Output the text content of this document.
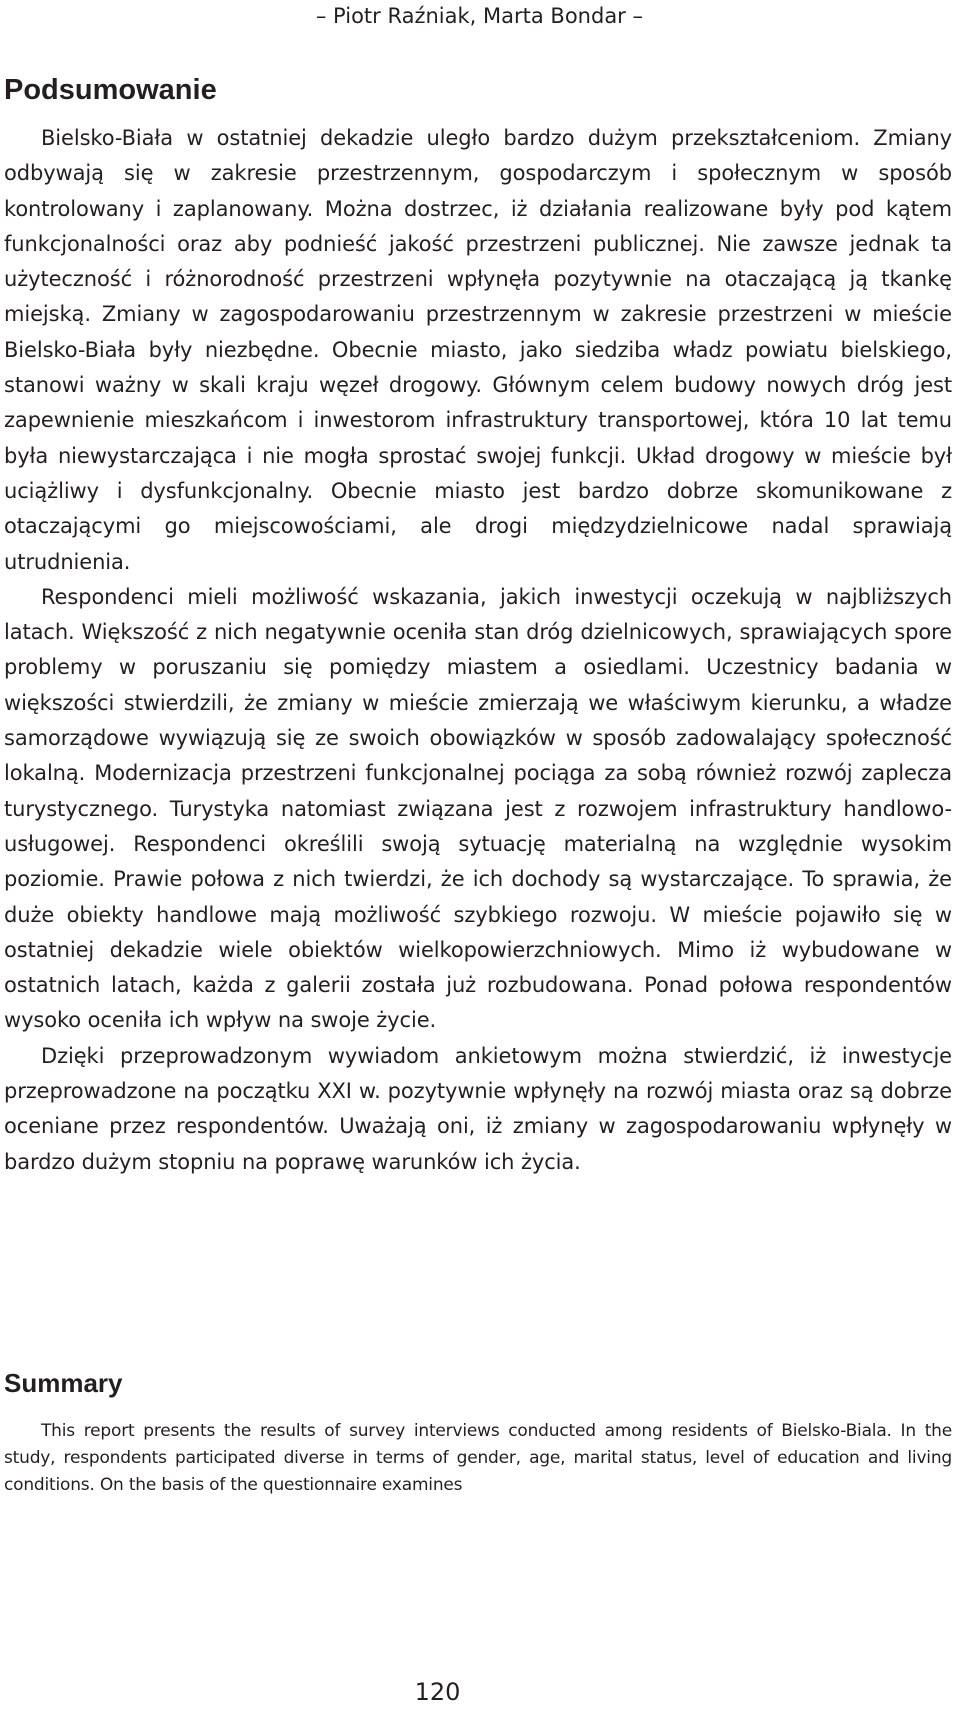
– Piotr Raźniak, Marta Bondar –
Podsumowanie

Bielsko-Biała w ostatniej dekadzie uległo bardzo dużym przekształceniom. Zmiany odbywają się w zakresie przestrzennym, gospodarczym i społecznym w sposób kontrolowany i zaplanowany. Można dostrzec, iż działania realizowane były pod kątem funkcjonalności oraz aby podnieść jakość przestrzeni publicznej. Nie zawsze jednak ta użyteczność i różnorodność przestrzeni wpłynęła pozytywnie na otaczającą ją tkankę miejską. Zmiany w zagospodarowaniu przestrzennym w zakresie przestrzeni w mieście Bielsko-Biała były niezbędne. Obecnie miasto, jako siedziba władz powiatu bielskiego, stanowi ważny w skali kraju węzeł drogowy. Głównym celem budowy nowych dróg jest zapewnienie mieszkańcom i inwestorom infrastruktury transportowej, która 10 lat temu była niewystarczająca i nie mogła sprostać swojej funkcji. Układ drogowy w mieście był uciążliwy i dysfunkcjonalny. Obecnie miasto jest bardzo dobrze skomunikowane z otaczającymi go miejscowościami, ale drogi międzydzielnicowe nadal sprawiają utrudnienia.

Respondenci mieli możliwość wskazania, jakich inwestycji oczekują w najbliższych latach. Większość z nich negatywnie oceniła stan dróg dzielnicowych, sprawiających spore problemy w poruszaniu się pomiędzy miastem a osiedlami. Uczestnicy badania w większości stwierdzili, że zmiany w mieście zmierzają we właściwym kierunku, a władze samorządowe wywiązują się ze swoich obowiązków w sposób zadowalający społeczność lokalną. Modernizacja przestrzeni funkcjonalnej pociąga za sobą również rozwój zaplecza turystycznego. Turystyka natomiast związana jest z rozwojem infrastruktury handlowo-usługowej. Respondenci określili swoją sytuację materialną na względnie wysokim poziomie. Prawie połowa z nich twierdzi, że ich dochody są wystarczające. To sprawia, że duże obiekty handlowe mają możliwość szybkiego rozwoju. W mieście pojawiło się w ostatniej dekadzie wiele obiektów wielkopowierzchniowych. Mimo iż wybudowane w ostatnich latach, każda z galerii została już rozbudowana. Ponad połowa respondentów wysoko oceniła ich wpływ na swoje życie.

Dzięki przeprowadzonym wywiadom ankietowym można stwierdzić, iż inwestycje przeprowadzone na początku XXI w. pozytywnie wpłynęły na rozwój miasta oraz są dobrze oceniane przez respondentów. Uważają oni, iż zmiany w zagospodarowaniu wpłynęły w bardzo dużym stopniu na poprawę warunków ich życia.

Summary

This report presents the results of survey interviews conducted among residents of Bielsko-Biala. In the study, respondents participated diverse in terms of gender, age, marital status, level of education and living conditions. On the basis of the questionnaire examines

120
